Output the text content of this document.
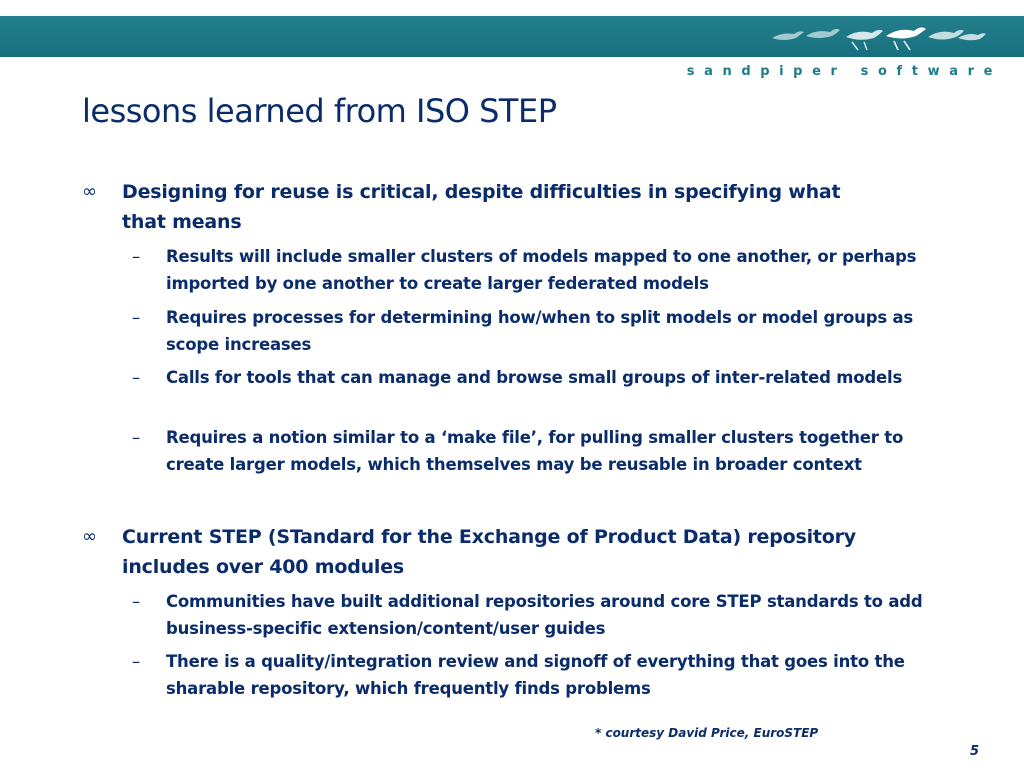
sandpiper software
lessons learned from ISO STEP
∞ Designing for reuse is critical, despite difficulties in specifying what that means
– Results will include smaller clusters of models mapped to one another, or perhaps imported by one another to create larger federated models
– Requires processes for determining how/when to split models or model groups as scope increases
– Calls for tools that can manage and browse small groups of inter-related models
– Requires a notion similar to a ‘make file’, for pulling smaller clusters together to create larger models, which themselves may be reusable in broader context
∞ Current STEP (STandard for the Exchange of Product Data) repository includes over 400 modules
– Communities have built additional repositories around core STEP standards to add business-specific extension/content/user guides
– There is a quality/integration review and signoff of everything that goes into the sharable repository, which frequently finds problems
* courtesy David Price, EuroSTEP
5
